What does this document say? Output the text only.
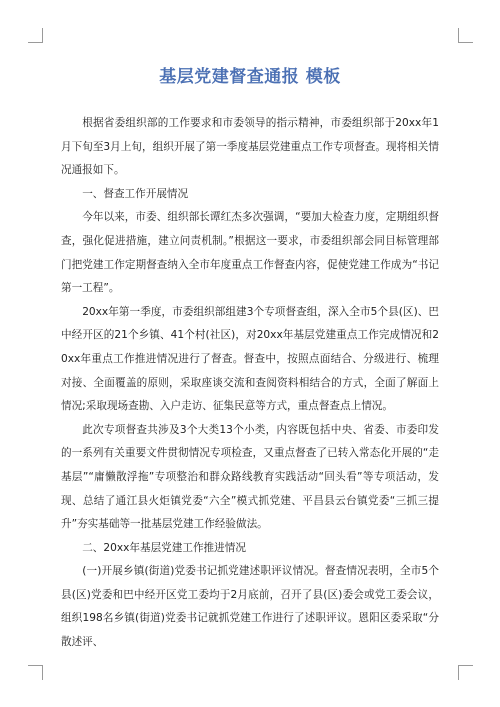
基层党建督查通报 模板

根据省委组织部的工作要求和市委领导的指示精神，市委组织部于20xx年1月下旬至3月上旬，组织开展了第一季度基层党建重点工作专项督查。现将相关情况通报如下。

一、督查工作开展情况

今年以来，市委、组织部长谭红杰多次强调，“要加大检查力度，定期组织督查，强化促进措施，建立问责机制。”根据这一要求，市委组织部会同目标管理部门把党建工作定期督查纳入全市年度重点工作督查内容，促使党建工作成为“书记第一工程”。

20xx年第一季度，市委组织部组建3个专项督查组，深入全市5个县(区)、巴中经开区的21个乡镇、41个村(社区)，对20xx年基层党建重点工作完成情况和20xx年重点工作推进情况进行了督查。督查中，按照点面结合、分级进行、梳理对接、全面覆盖的原则，采取座谈交流和查阅资料相结合的方式，全面了解面上情况;采取现场查勘、入户走访、征集民意等方式，重点督查点上情况。

此次专项督查共涉及3个大类13个小类，内容既包括中央、省委、市委印发的一系列有关重要文件贯彻情况专项检查，又重点督查了已转入常态化开展的“走基层”“庸懒散浮拖”专项整治和群众路线教育实践活动“回头看”等专项活动，发现、总结了通江县火炬镇党委“六全”模式抓党建、平昌县云台镇党委“三抓三提升”夯实基础等一批基层党建工作经验做法。

二、20xx年基层党建工作推进情况

(一)开展乡镇(街道)党委书记抓党建述职评议情况。督查情况表明，全市5个县(区)党委和巴中经开区党工委均于2月底前，召开了县(区)委会或党工委会议，组织198名乡镇(街道)党委书记就抓党建工作进行了述职评议。恩阳区委采取“分散述评、
